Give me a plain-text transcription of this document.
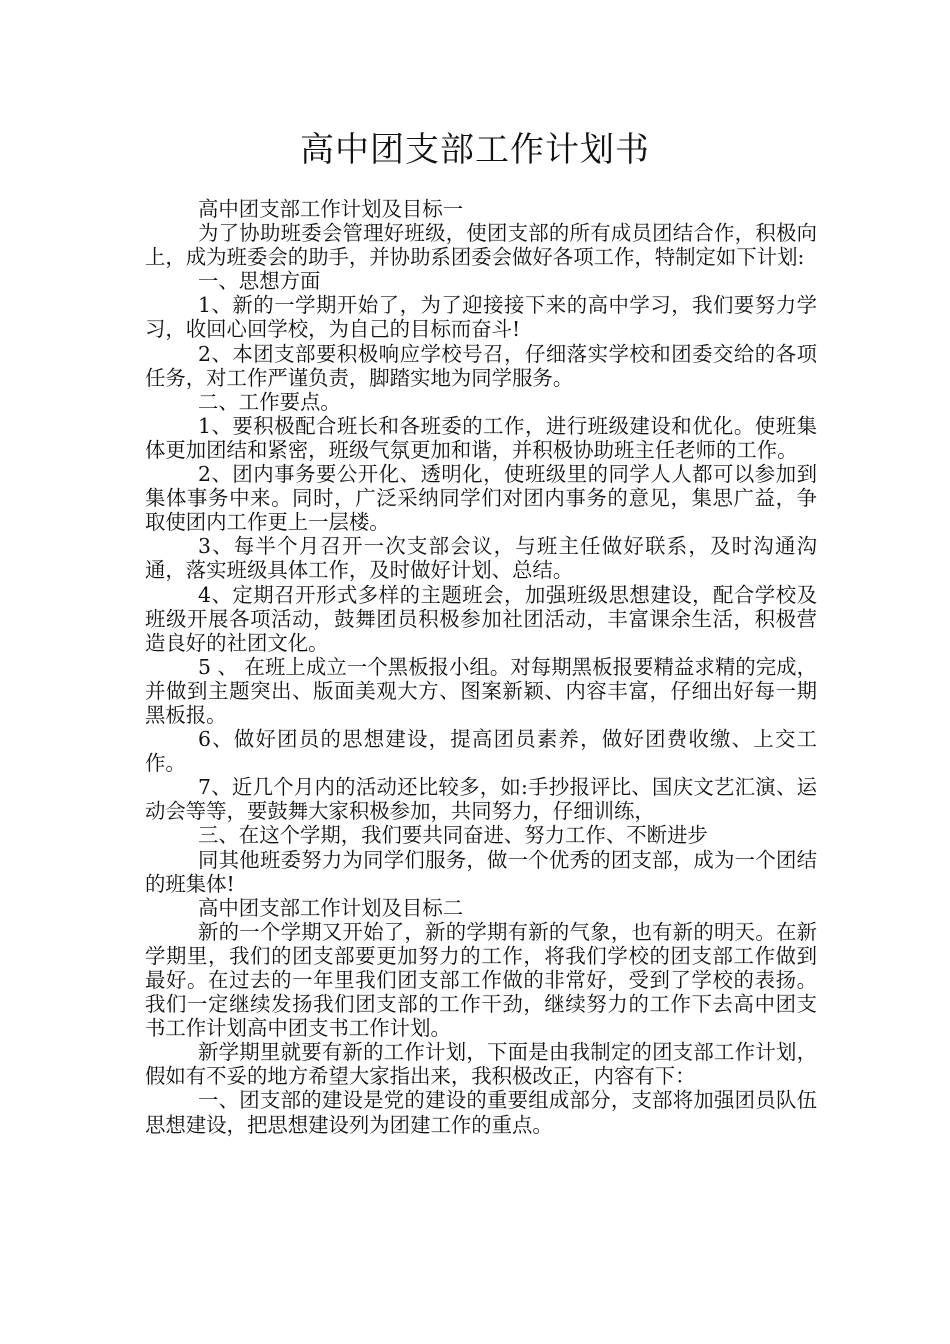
高中团支部工作计划书

高中团支部工作计划及目标一

为了协助班委会管理好班级，使团支部的所有成员团结合作，积极向上，成为班委会的助手，并协助系团委会做好各项工作，特制定如下计划:

一、思想方面

1、新的一学期开始了，为了迎接接下来的高中学习，我们要努力学习，收回心回学校，为自己的目标而奋斗!

2、本团支部要积极响应学校号召，仔细落实学校和团委交给的各项任务，对工作严谨负责，脚踏实地为同学服务。

二、工作要点。

1、要积极配合班长和各班委的工作，进行班级建设和优化。使班集体更加团结和紧密，班级气氛更加和谐，并积极协助班主任老师的工作。

2、团内事务要公开化、透明化，使班级里的同学人人都可以参加到集体事务中来。同时，广泛采纳同学们对团内事务的意见，集思广益，争取使团内工作更上一层楼。

3、每半个月召开一次支部会议，与班主任做好联系，及时沟通沟通，落实班级具体工作，及时做好计划、总结。

4、定期召开形式多样的主题班会，加强班级思想建设，配合学校及班级开展各项活动，鼓舞团员积极参加社团活动，丰富课余生活，积极营造良好的社团文化。

5 、 在班上成立一个黑板报小组。对每期黑板报要精益求精的完成，并做到主题突出、版面美观大方、图案新颖、内容丰富，仔细出好每一期黑板报。

6、做好团员的思想建设，提高团员素养，做好团费收缴、上交工作。

7、近几个月内的活动还比较多，如:手抄报评比、国庆文艺汇演、运动会等等，要鼓舞大家积极参加，共同努力，仔细训练，

三、在这个学期，我们要共同奋进、努力工作、不断进步

同其他班委努力为同学们服务，做一个优秀的团支部，成为一个团结的班集体!

高中团支部工作计划及目标二

新的一个学期又开始了，新的学期有新的气象，也有新的明天。在新学期里，我们的团支部要更加努力的工作，将我们学校的团支部工作做到最好。在过去的一年里我们团支部工作做的非常好，受到了学校的表扬。我们一定继续发扬我们团支部的工作干劲，继续努力的工作下去高中团支书工作计划高中团支书工作计划。

新学期里就要有新的工作计划，下面是由我制定的团支部工作计划，假如有不妥的地方希望大家指出来，我积极改正，内容有下：

一、团支部的建设是党的建设的重要组成部分，支部将加强团员队伍思想建设，把思想建设列为团建工作的重点。
